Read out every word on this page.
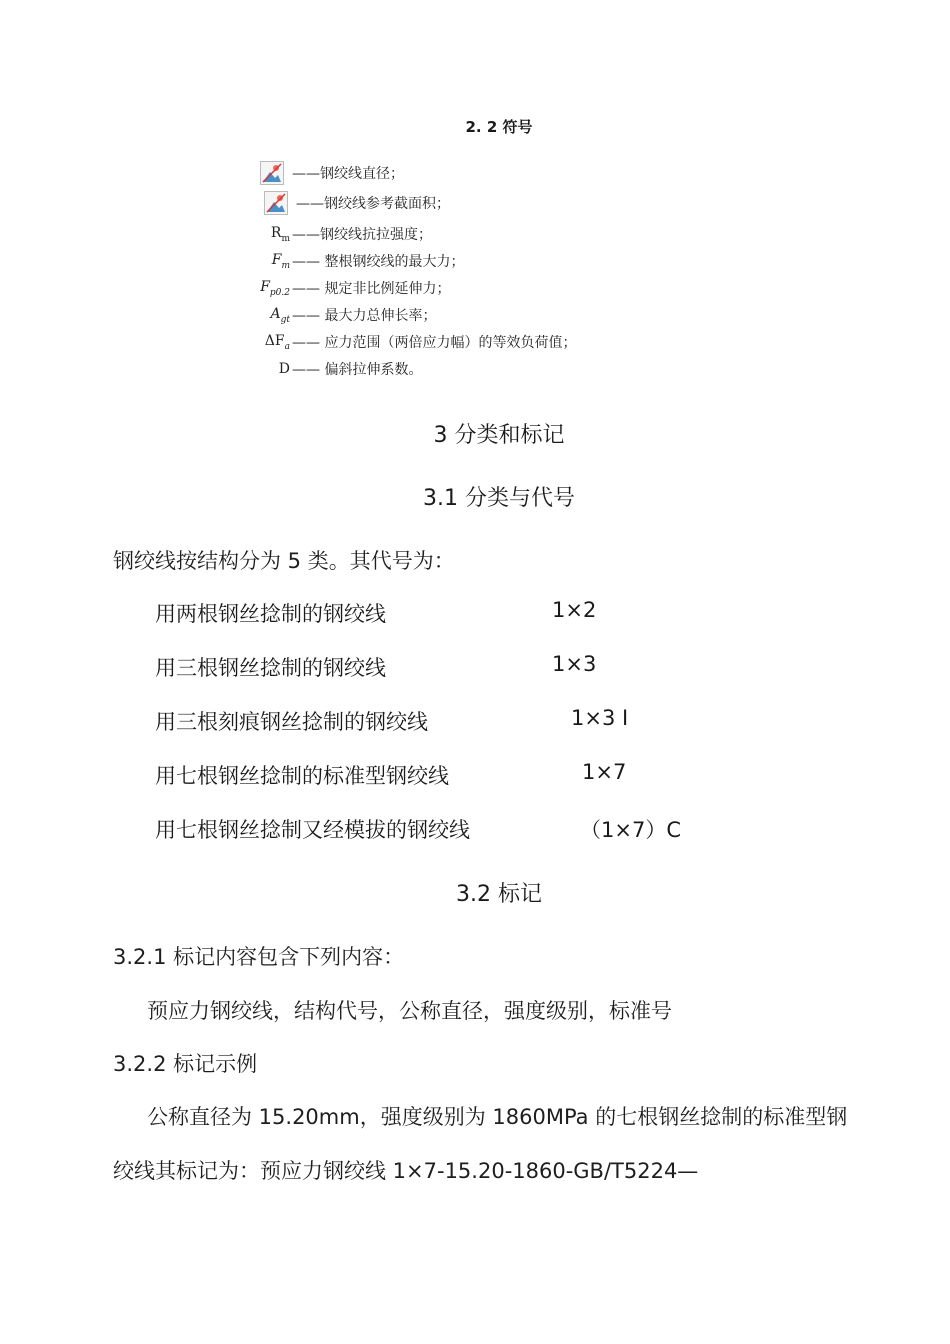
2. 2 符号
——钢绞线直径；
——钢绞线参考截面积；
$R_m$ ——钢绞线抗拉强度；
$F_m$ —— 整根钢绞线的最大力；
$F_{p0.2}$ —— 规定非比例延伸力；
$A_{gt}$ —— 最大力总伸长率；
$\Delta F_a$ —— 应力范围（两倍应力幅）的等效负荷值；
D —— 偏斜拉伸系数。
3 分类和标记
3.1 分类与代号
钢绞线按结构分为 5 类。其代号为：
用两根钢丝捻制的钢绞线	1×2
用三根钢丝捻制的钢绞线	1×3
用三根刻痕钢丝捻制的钢绞线	1×3 Ⅰ
用七根钢丝捻制的标准型钢绞线	1×7
用七根钢丝捻制又经模拔的钢绞线	（1×7）C
3.2 标记
3.2.1 标记内容包含下列内容：
预应力钢绞线，结构代号，公称直径，强度级别，标准号
3.2.2 标记示例
公称直径为 15.20mm，强度级别为 1860MPa 的七根钢丝捻制的标准型钢
绞线其标记为：预应力钢绞线 1×7-15.20-1860-GB/T5224—
